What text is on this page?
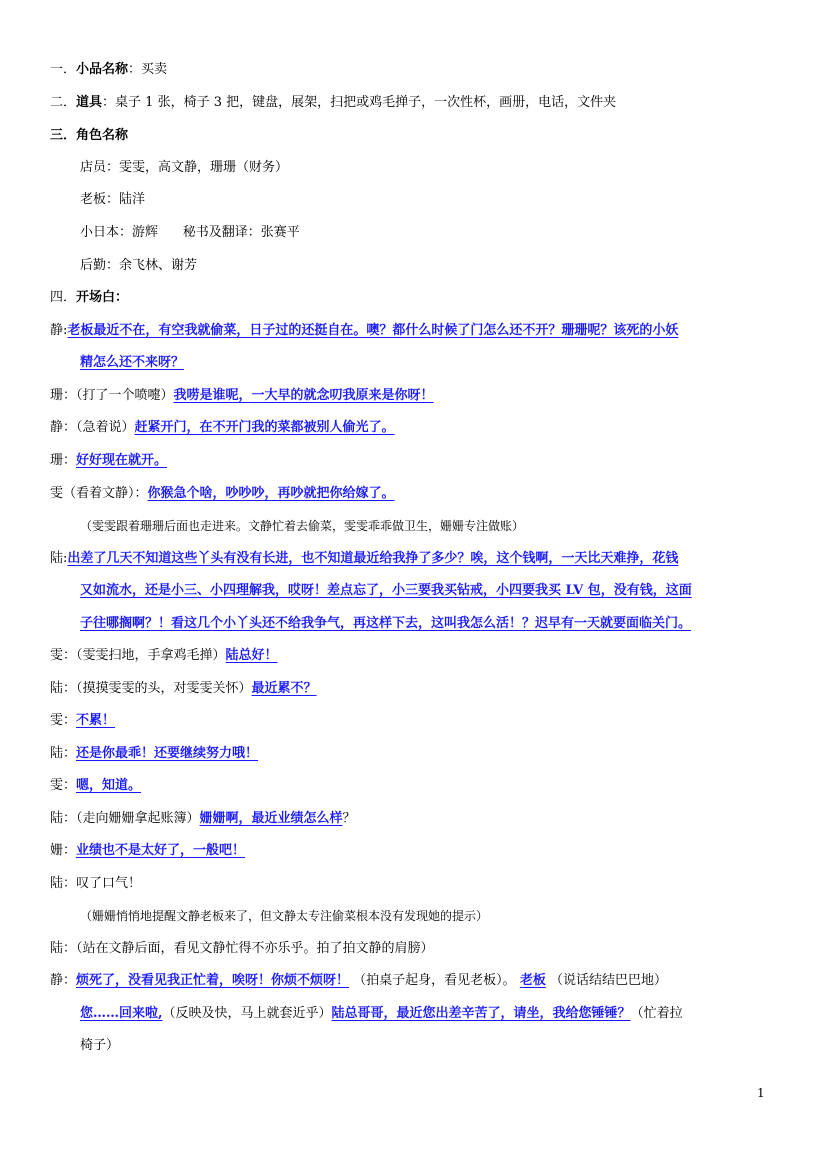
一．小品名称：买卖
二．道具：桌子 1 张，椅子 3 把，键盘，展架，扫把或鸡毛掸子，一次性杯，画册，电话，文件夹
三．角色名称
店员：雯雯，高文静，珊珊（财务）
老板：陆洋
小日本：游辉      秘书及翻译：张赛平
后勤：余飞林、谢芳
四．开场白：
静:老板最近不在，有空我就偷菜，日子过的还挺自在。噢？都什么时候了门怎么还不开？珊珊呢？该死的小妖
精怎么还不来呀？
珊：（打了一个喷嚏）我唠是谁呢，一大早的就念叨我原来是你呀！
静：（急着说）赶紧开门，在不开门我的菜都被别人偷光了。
珊：好好现在就开。
雯（看着文静）：你猴急个啥，吵吵吵，再吵就把你给嫁了。
（雯雯跟着珊珊后面也走进来。文静忙着去偷菜，雯雯乖乖做卫生，姗姗专注做账）
陆:出差了几天不知道这些丫头有没有长进，也不知道最近给我挣了多少？唉，这个钱啊，一天比天难挣，花钱
又如流水，还是小三、小四理解我，哎呀！差点忘了，小三要我买钻戒，小四要我买 LV 包，没有钱，这面
子往哪搁啊？！看这几个小丫头还不给我争气，再这样下去，这叫我怎么活！？迟早有一天就要面临关门。
雯：（雯雯扫地，手拿鸡毛掸）陆总好！
陆：（摸摸雯雯的头，对雯雯关怀）最近累不？
雯：不累！
陆：还是你最乖！还要继续努力哦！
雯：嗯，知道。
陆：（走向姗姗拿起账簿）姗姗啊，最近业绩怎么样？
姗：业绩也不是太好了，一般吧！
陆：叹了口气！
（姗姗悄悄地提醒文静老板来了，但文静太专注偷菜根本没有发现她的提示）
陆：（站在文静后面，看见文静忙得不亦乐乎。拍了拍文静的肩膀）
静：烦死了，没看见我正忙着，唉呀！你烦不烦呀！ （拍桌子起身，看见老板）。 老板 （说话结结巴巴地）
您……回来啦,（反映及快，马上就套近乎）陆总哥哥，最近您出差辛苦了，请坐，我给您锤锤？（忙着拉
椅子）
1
